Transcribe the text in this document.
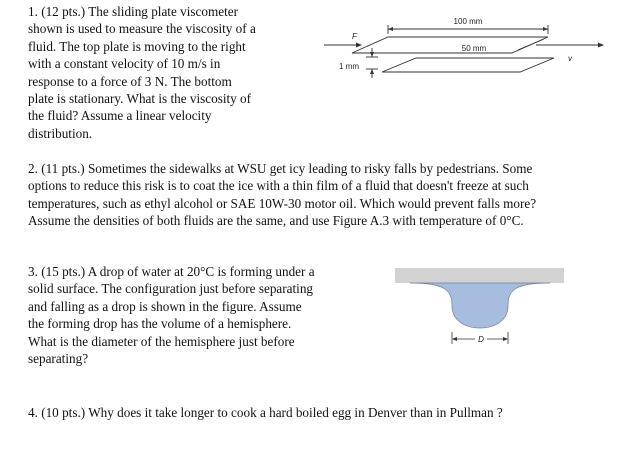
1. (12 pts.) The sliding plate viscometer
shown is used to measure the viscosity of a
fluid. The top plate is moving to the right
with a constant velocity of 10 m/s in
response to a force of 3 N. The bottom
plate is stationary. What is the viscosity of
the fluid? Assume a linear velocity
distribution.
100 mm
50 mm
1 mm
F
v
2. (11 pts.) Sometimes the sidewalks at WSU get icy leading to risky falls by pedestrians. Some
options to reduce this risk is to coat the ice with a thin film of a fluid that doesn't freeze at such
temperatures, such as ethyl alcohol or SAE 10W-30 motor oil. Which would prevent falls more?
Assume the densities of both fluids are the same, and use Figure A.3 with temperature of 0°C.
3. (15 pts.) A drop of water at 20°C is forming under a
solid surface. The configuration just before separating
and falling as a drop is shown in the figure. Assume
the forming drop has the volume of a hemisphere.
What is the diameter of the hemisphere just before
separating?
D
4. (10 pts.) Why does it take longer to cook a hard boiled egg in Denver than in Pullman ?
